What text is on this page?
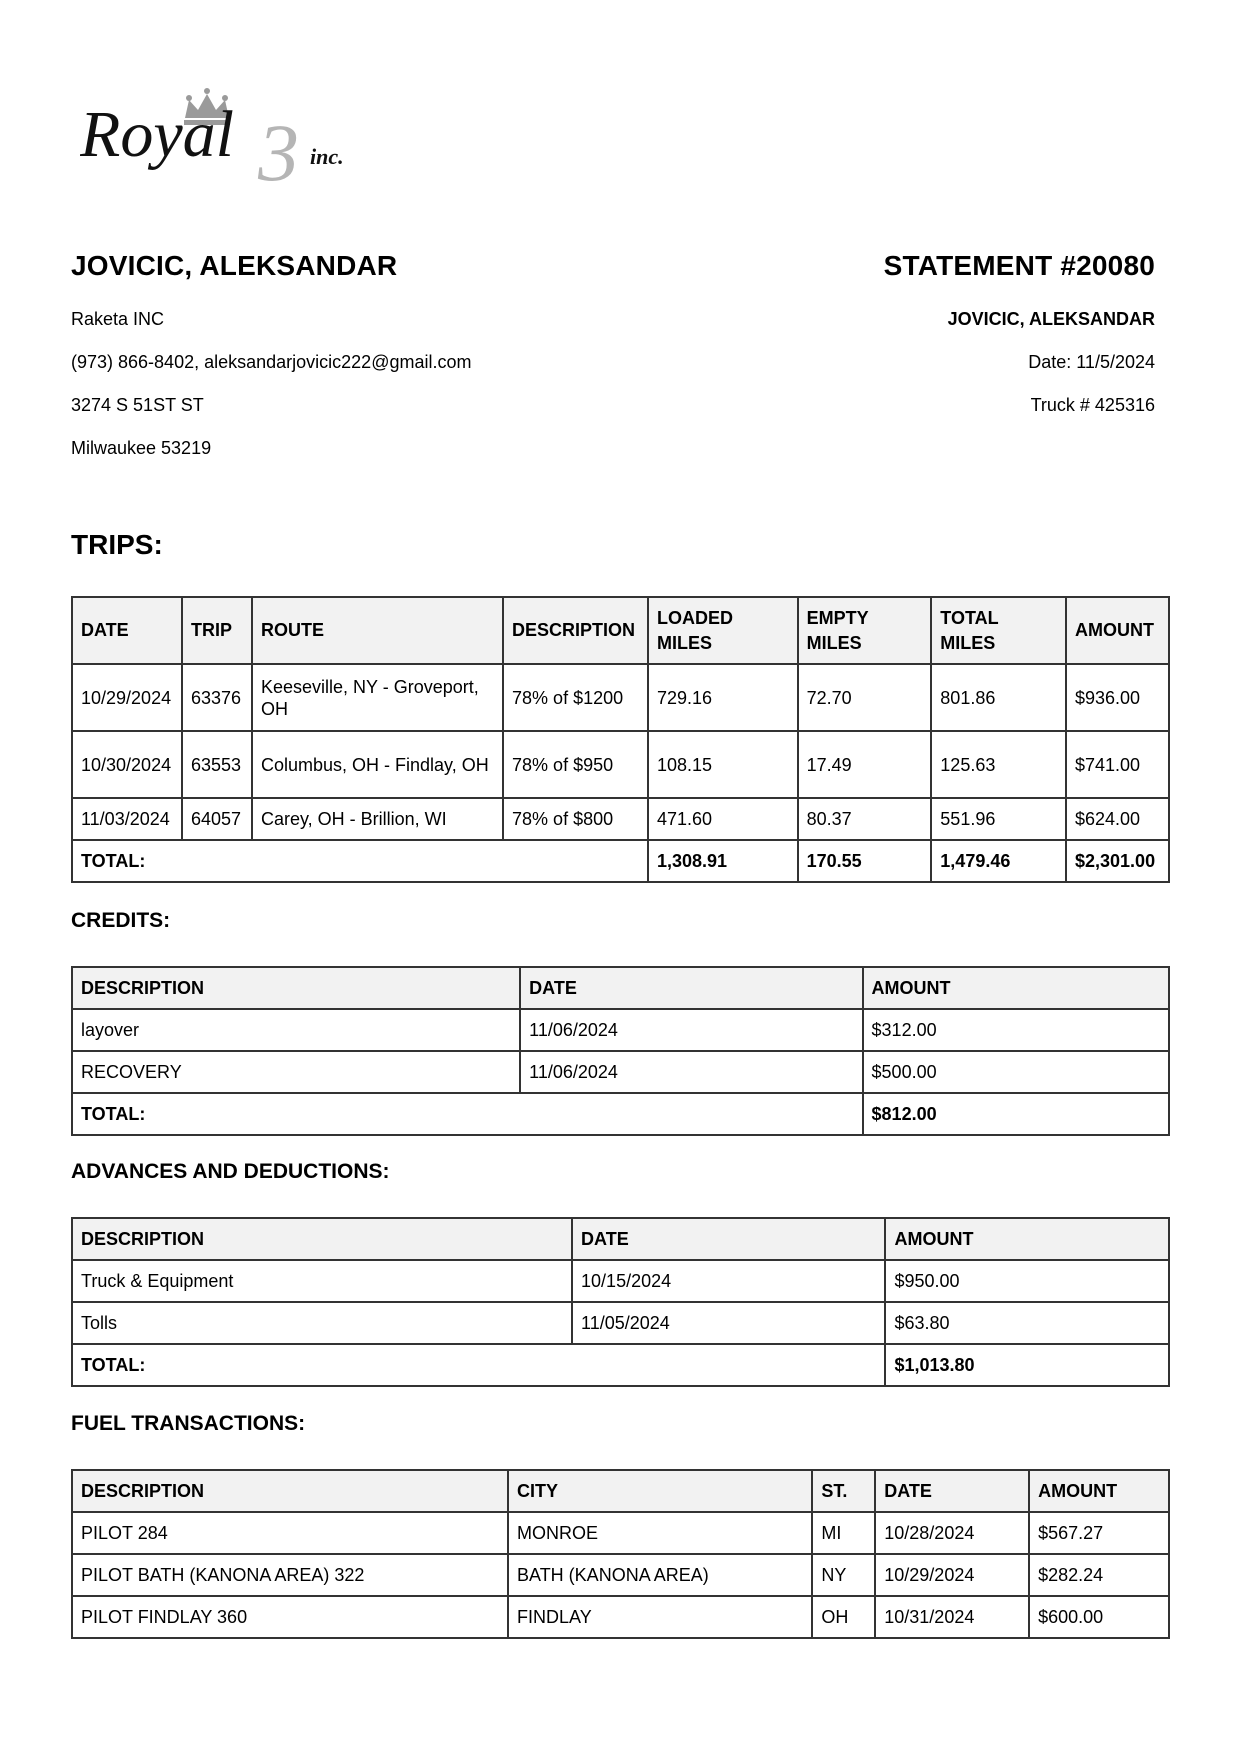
3
Royal	inc.
JOVICIC, ALEKSANDAR
Raketa INC
(973) 866-8402, aleksandarjovicic222@gmail.com
3274 S 51ST ST
Milwaukee 53219
STATEMENT #20080
JOVICIC, ALEKSANDAR
Date: 11/5/2024
Truck # 425316
TRIPS:
DATE	TRIP	ROUTE	DESCRIPTION	LOADED MILES	EMPTY MILES	TOTAL MILES	AMOUNT
10/29/2024	63376	Keeseville, NY - Groveport, OH	78% of $1200	729.16	72.70	801.86	$936.00
10/30/2024	63553	Columbus, OH - Findlay, OH	78% of $950	108.15	17.49	125.63	$741.00
11/03/2024	64057	Carey, OH - Brillion, WI	78% of $800	471.60	80.37	551.96	$624.00
TOTAL:				1,308.91	170.55	1,479.46	$2,301.00
CREDITS:
DESCRIPTION	DATE	AMOUNT
layover	11/06/2024	$312.00
RECOVERY	11/06/2024	$500.00
TOTAL:		$812.00
ADVANCES AND DEDUCTIONS:
DESCRIPTION	DATE	AMOUNT
Truck & Equipment	10/15/2024	$950.00
Tolls	11/05/2024	$63.80
TOTAL:		$1,013.80
FUEL TRANSACTIONS:
DESCRIPTION	CITY	ST.	DATE	AMOUNT
PILOT 284	MONROE	MI	10/28/2024	$567.27
PILOT BATH (KANONA AREA) 322	BATH (KANONA AREA)	NY	10/29/2024	$282.24
PILOT FINDLAY 360	FINDLAY	OH	10/31/2024	$600.00
